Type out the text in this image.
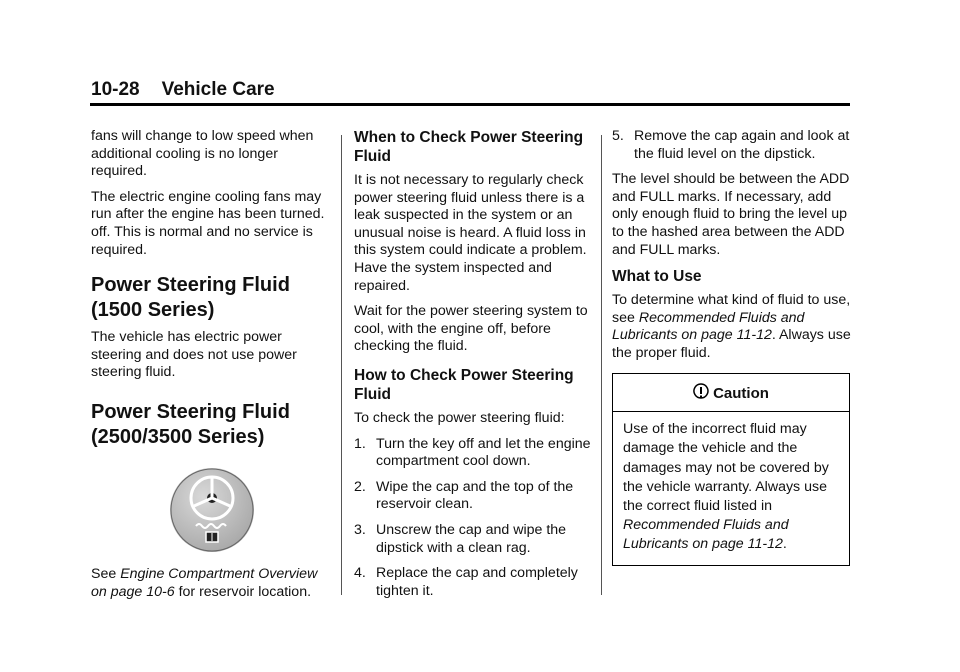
10-28 Vehicle Care

fans will change to low speed when additional cooling is no longer required.

The electric engine cooling fans may run after the engine has been turned. off. This is normal and no service is required.

Power Steering Fluid
(1500 Series)

The vehicle has electric power steering and does not use power steering fluid.

Power Steering Fluid
(2500/3500 Series)

See Engine Compartment Overview on page 10-6 for reservoir location.

When to Check Power Steering Fluid

It is not necessary to regularly check power steering fluid unless there is a leak suspected in the system or an unusual noise is heard. A fluid loss in this system could indicate a problem. Have the system inspected and repaired.

Wait for the power steering system to cool, with the engine off, before checking the fluid.

How to Check Power Steering Fluid

To check the power steering fluid:

1. Turn the key off and let the engine compartment cool down.
2. Wipe the cap and the top of the reservoir clean.
3. Unscrew the cap and wipe the dipstick with a clean rag.
4. Replace the cap and completely tighten it.
5. Remove the cap again and look at the fluid level on the dipstick.

The level should be between the ADD and FULL marks. If necessary, add only enough fluid to bring the level up to the hashed area between the ADD and FULL marks.

What to Use

To determine what kind of fluid to use, see Recommended Fluids and Lubricants on page 11-12. Always use the proper fluid.

Caution
Use of the incorrect fluid may damage the vehicle and the damages may not be covered by the vehicle warranty. Always use the correct fluid listed in Recommended Fluids and Lubricants on page 11-12.
